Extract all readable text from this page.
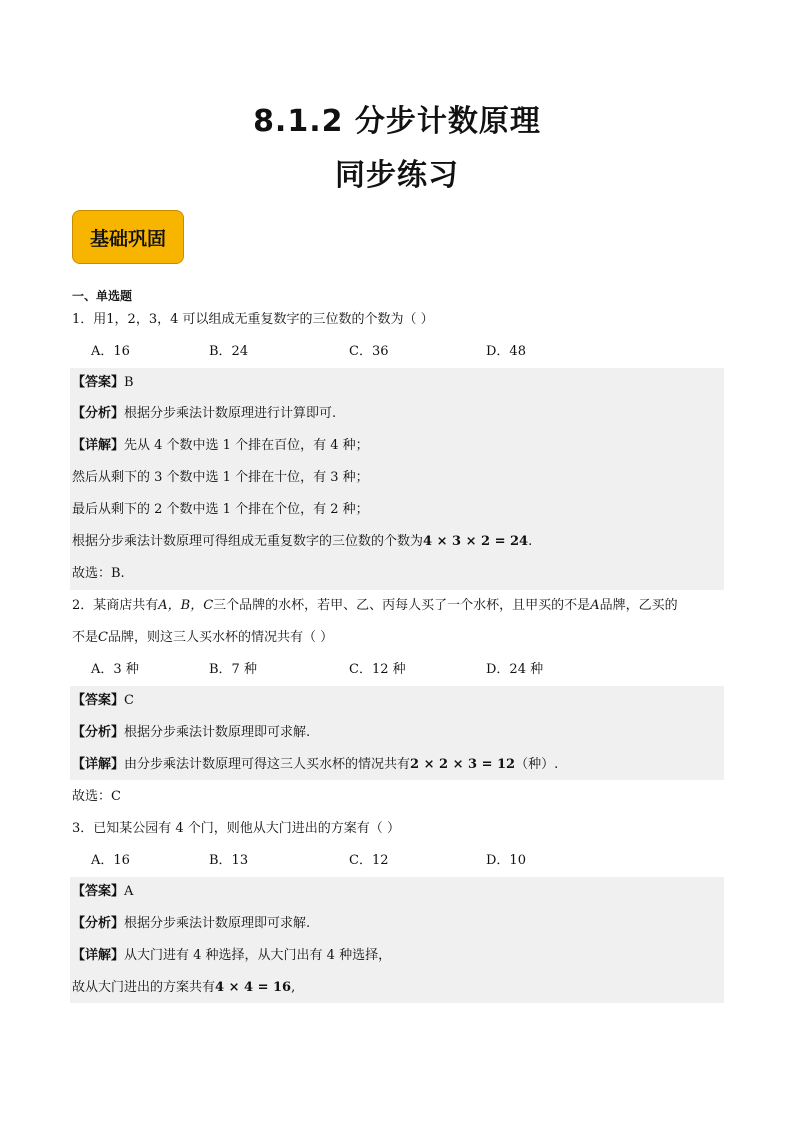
8.1.2 分步计数原理
同步练习
基础巩固
一、单选题
1．用1，2，3，4 可以组成无重复数字的三位数的个数为（ ）
A．16	B．24	C．36	D．48
【答案】B
【分析】根据分步乘法计数原理进行计算即可.
【详解】先从 4 个数中选 1 个排在百位，有 4 种；
然后从剩下的 3 个数中选 1 个排在十位，有 3 种；
最后从剩下的 2 个数中选 1 个排在个位，有 2 种；
根据分步乘法计数原理可得组成无重复数字的三位数的个数为4 × 3 × 2 = 24.
故选：B.
2．某商店共有A，B，C三个品牌的水杯，若甲、乙、丙每人买了一个水杯，且甲买的不是A品牌，乙买的
不是C品牌，则这三人买水杯的情况共有（ ）
A．3 种	B．7 种	C．12 种	D．24 种
【答案】C
【分析】根据分步乘法计数原理即可求解.
【详解】由分步乘法计数原理可得这三人买水杯的情况共有2 × 2 × 3 = 12（种）.
故选：C
3．已知某公园有 4 个门，则他从大门进出的方案有（ ）
A．16	B．13	C．12	D．10
【答案】A
【分析】根据分步乘法计数原理即可求解.
【详解】从大门进有 4 种选择，从大门出有 4 种选择，
故从大门进出的方案共有4 × 4 = 16,
